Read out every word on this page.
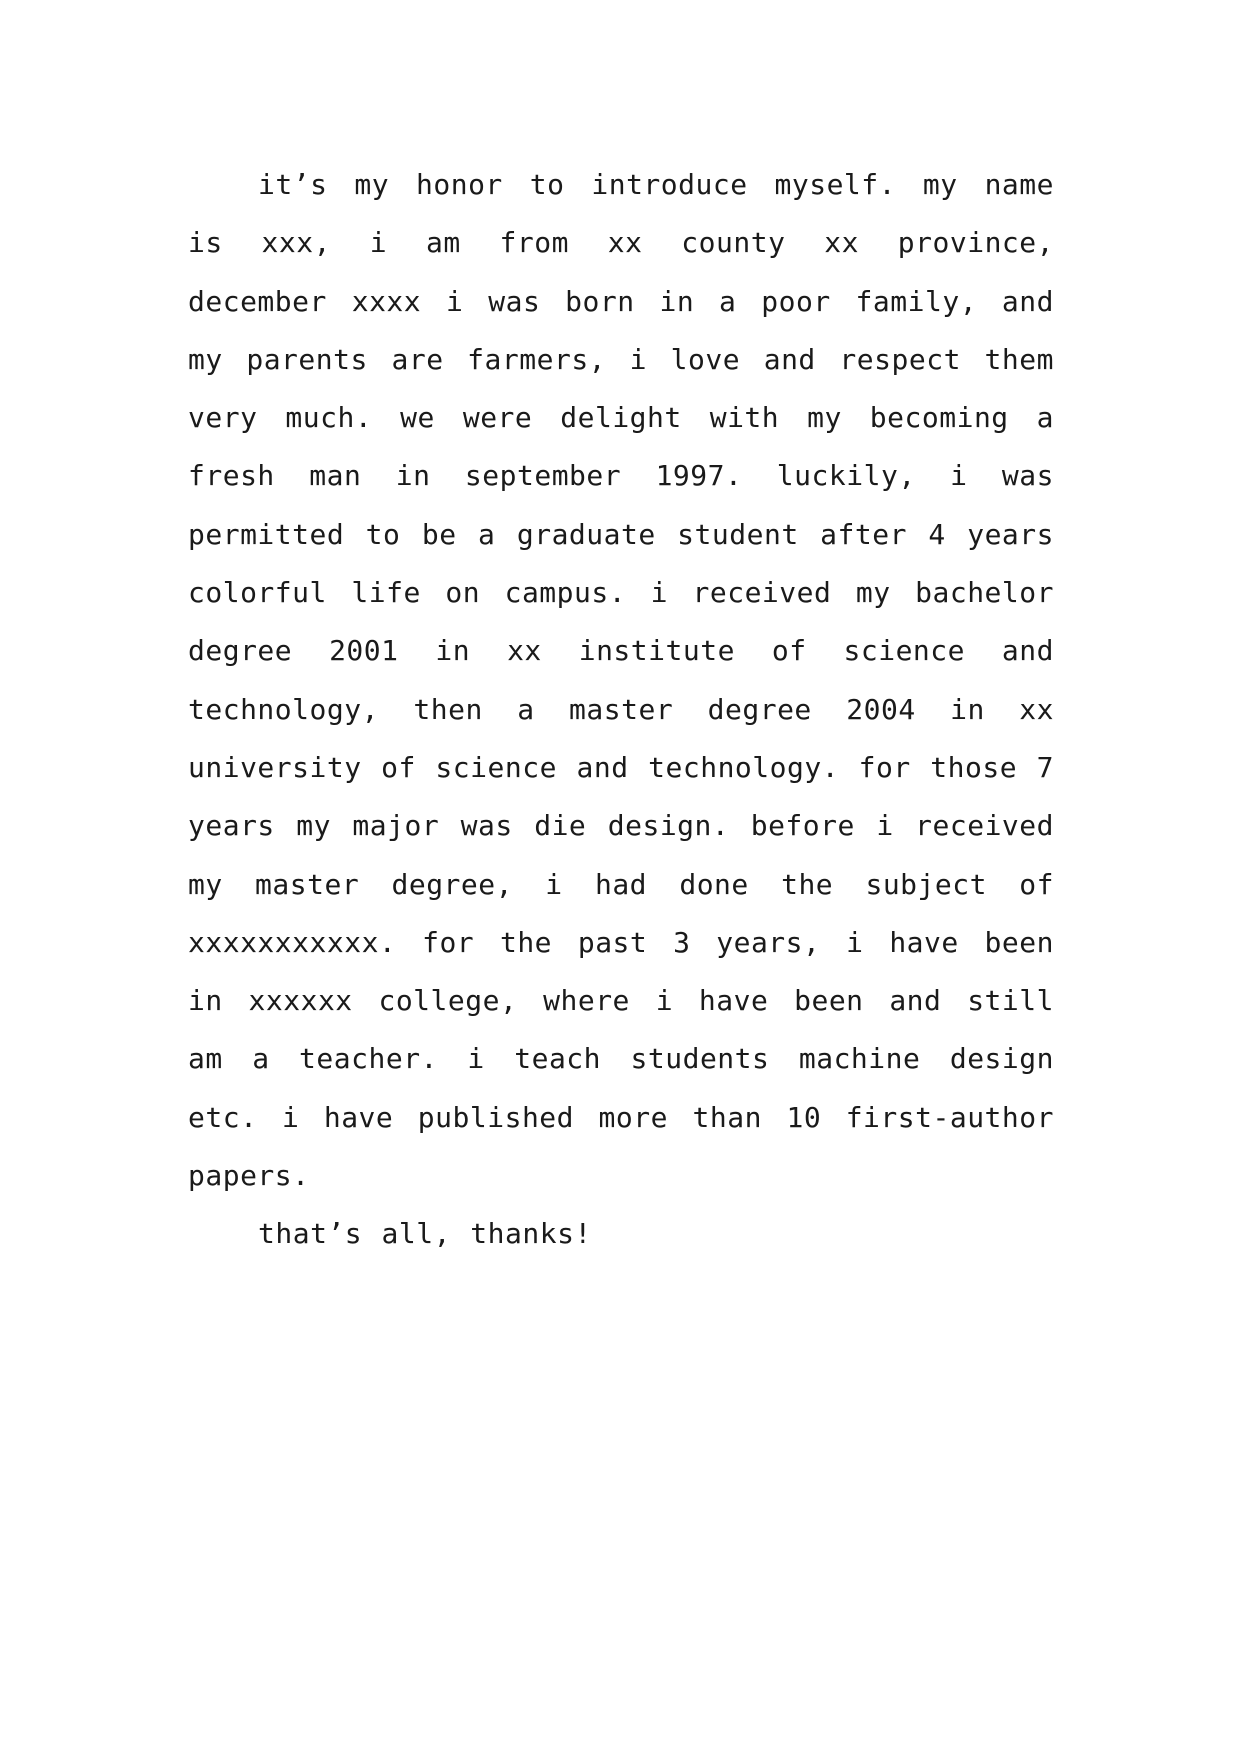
it’s my honor to introduce myself. my name is xxx, i am from xx county xx province, december xxxx i was born in a poor family, and my parents are farmers, i love and respect them very much. we were delight with my becoming a fresh man in september 1997. luckily, i was permitted to be a graduate student after 4 years colorful life on campus. i received my bachelor degree 2001 in xx institute of science and technology, then a master degree 2004 in xx university of science and technology. for those 7 years my major was die design. before i received my master degree, i had done the subject of xxxxxxxxxxx. for the past 3 years, i have been in xxxxxx college, where i have been and still am a teacher. i teach students machine design etc. i have published more than 10 first-author papers.

that’s all, thanks!
